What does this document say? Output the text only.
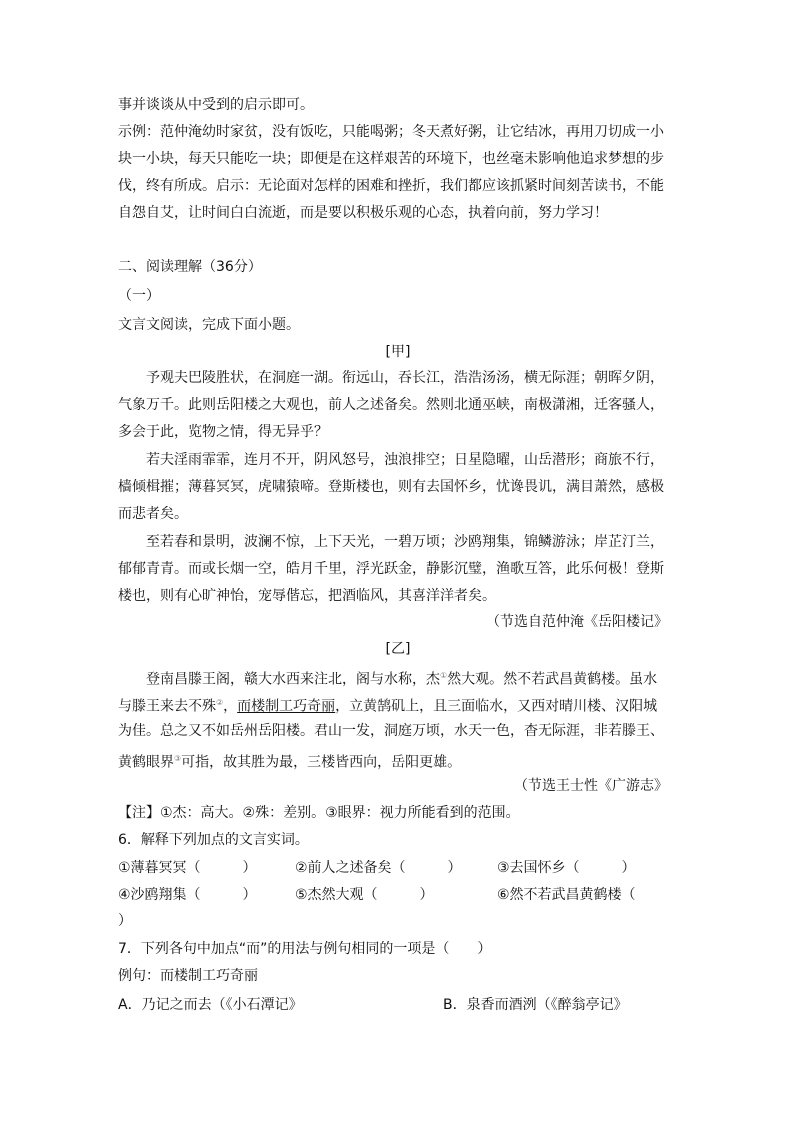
事并谈谈从中受到的启示即可。
示例：范仲淹幼时家贫，没有饭吃，只能喝粥；冬天煮好粥，让它结冰，再用刀切成一小
块一小块，每天只能吃一块；即便是在这样艰苦的环境下，也丝毫未影响他追求梦想的步
伐，终有所成。启示：无论面对怎样的困难和挫折，我们都应该抓紧时间刻苦读书，不能
自怨自艾，让时间白白流逝，而是要以积极乐观的心态，执着向前，努力学习！
二、阅读理解（36分）
（一）
文言文阅读，完成下面小题。
[甲]
予观夫巴陵胜状，在洞庭一湖。衔远山，吞长江，浩浩汤汤，横无际涯；朝晖夕阴，
气象万千。此则岳阳楼之大观也，前人之述备矣。然则北通巫峡，南极潇湘，迁客骚人，
多会于此，览物之情，得无异乎？
若夫淫雨霏霏，连月不开，阴风怒号，浊浪排空；日星隐曜，山岳潜形；商旅不行，
樯倾楫摧；薄暮冥冥，虎啸猿啼。登斯楼也，则有去国怀乡，忧谗畏讥，满目萧然，感极
而悲者矣。
至若春和景明，波澜不惊，上下天光，一碧万顷；沙鸥翔集，锦鳞游泳；岸芷汀兰，
郁郁青青。而或长烟一空，皓月千里，浮光跃金，静影沉璧，渔歌互答，此乐何极！登斯
楼也，则有心旷神怡，宠辱偕忘，把酒临风，其喜洋洋者矣。
（节选自范仲淹《岳阳楼记》
[乙]
登南昌滕王阁，赣大水西来注北，阁与水称，杰①然大观。然不若武昌黄鹤楼。虽水
与滕王来去不殊②，而楼制工巧奇丽，立黄鹄矶上，且三面临水，又西对晴川楼、汉阳城
为佳。总之又不如岳州岳阳楼。君山一发，洞庭万顷，水天一色，杳无际涯，非若滕王、
黄鹤眼界③可指，故其胜为最，三楼皆西向，岳阳更雄。
（节选王士性《广游志》
【注】①杰：高大。②殊：差别。③眼界：视力所能看到的范围。
6．解释下列加点的文言实词。
①薄暮冥冥（　　　）	②前人之述备矣（　　　）	③去国怀乡（　　　）
④沙鸥翔集（　　　）	⑤杰然大观（　　　）	⑥然不若武昌黄鹤楼（
）
7．下列各句中加点“而”的用法与例句相同的一项是（　　）
例句：而楼制工巧奇丽
A．乃记之而去（《小石潭记》	B．泉香而酒洌（《醉翁亭记》
